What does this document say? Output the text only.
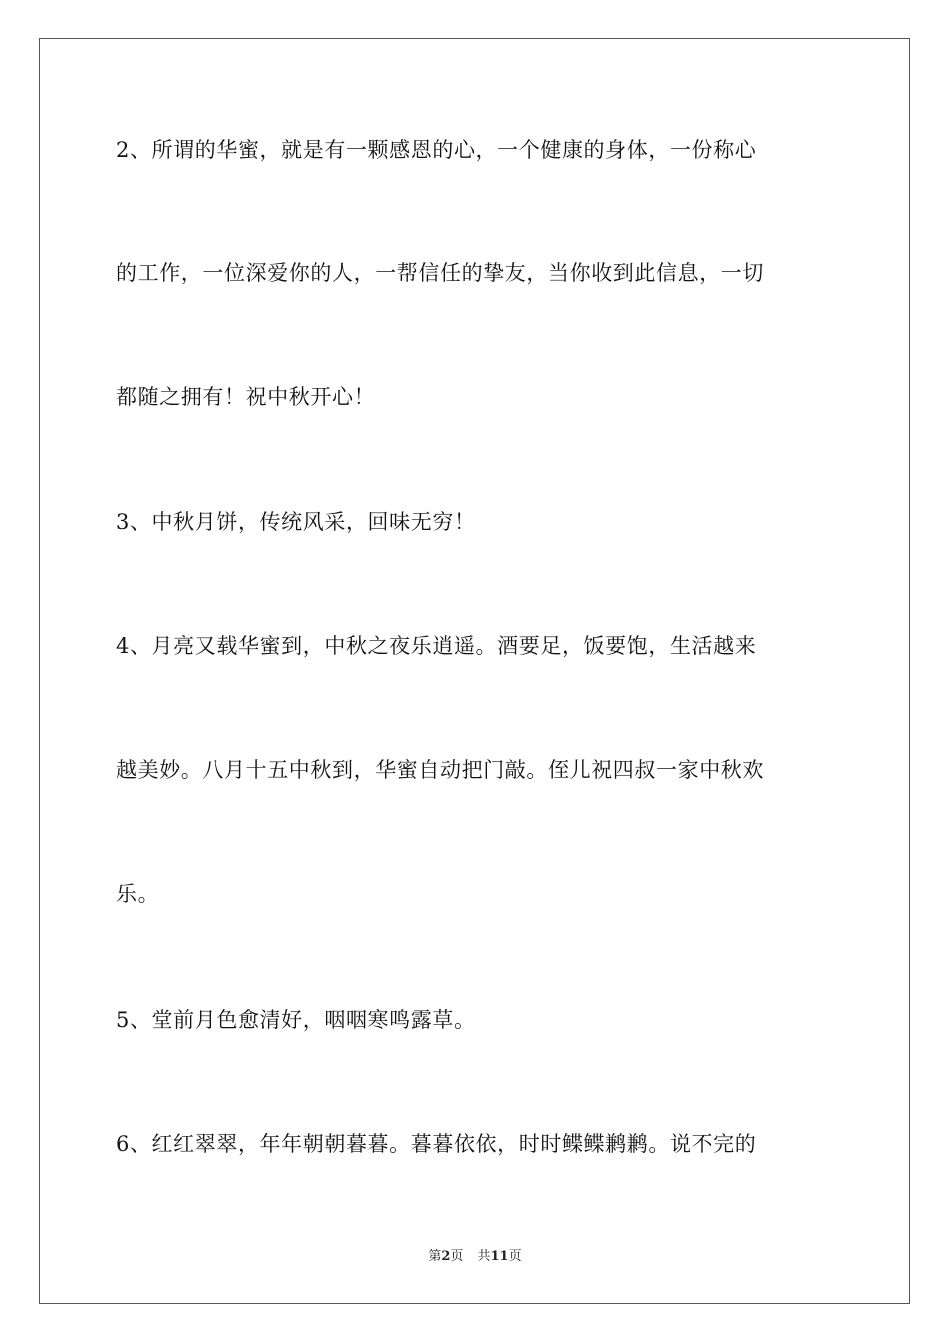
2、所谓的华蜜，就是有一颗感恩的心，一个健康的身体，一份称心
的工作，一位深爱你的人，一帮信任的挚友，当你收到此信息，一切
都随之拥有！祝中秋开心！
3、中秋月饼，传统风采，回味无穷！
4、月亮又载华蜜到，中秋之夜乐逍遥。酒要足，饭要饱，生活越来
越美妙。八月十五中秋到，华蜜自动把门敲。侄儿祝四叔一家中秋欢
乐。
5、堂前月色愈清好，咽咽寒鸣露草。
6、红红翠翠，年年朝朝暮暮。暮暮依依，时时鲽鲽鹣鹣。说不完的
第2页 共11页
